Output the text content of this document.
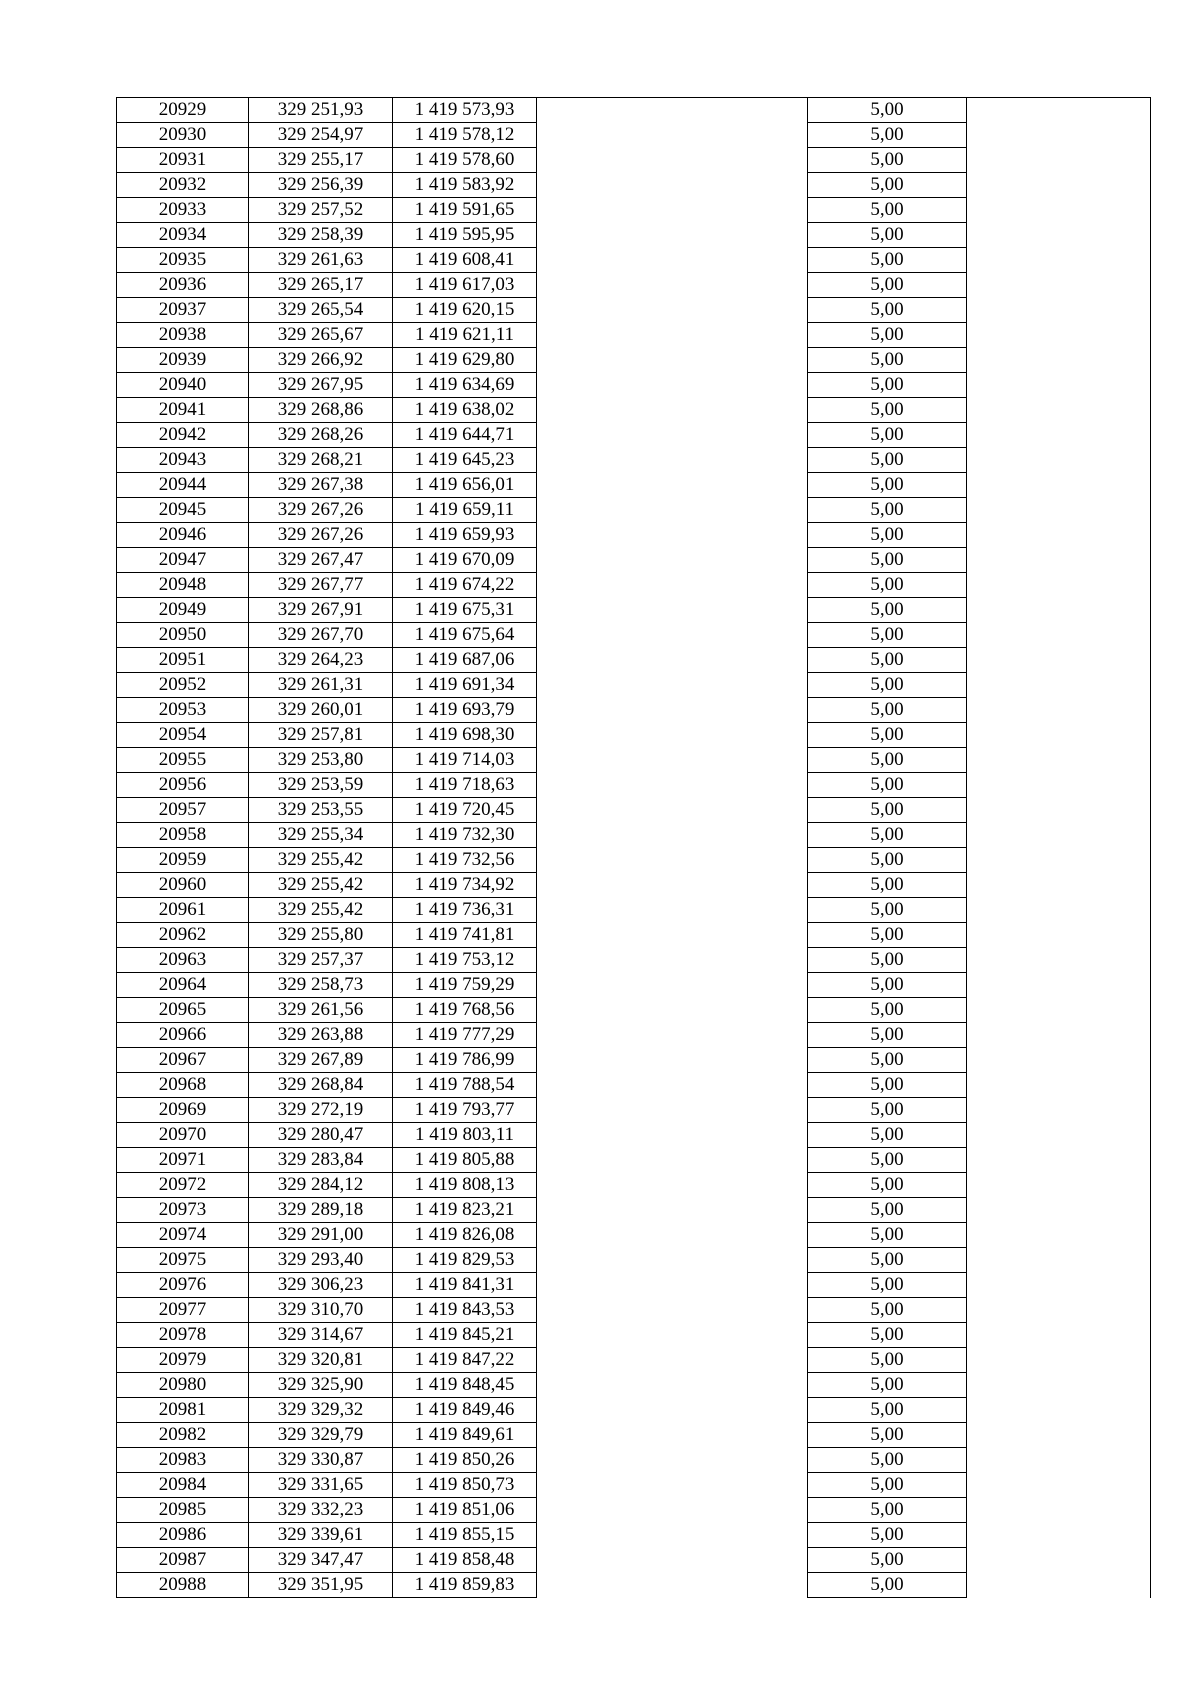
20929	329 251,93	1 419 573,93		5,00	
20930	329 254,97	1 419 578,12		5,00	
20931	329 255,17	1 419 578,60		5,00	
20932	329 256,39	1 419 583,92		5,00	
20933	329 257,52	1 419 591,65		5,00	
20934	329 258,39	1 419 595,95		5,00	
20935	329 261,63	1 419 608,41		5,00	
20936	329 265,17	1 419 617,03		5,00	
20937	329 265,54	1 419 620,15		5,00	
20938	329 265,67	1 419 621,11		5,00	
20939	329 266,92	1 419 629,80		5,00	
20940	329 267,95	1 419 634,69		5,00	
20941	329 268,86	1 419 638,02		5,00	
20942	329 268,26	1 419 644,71		5,00	
20943	329 268,21	1 419 645,23		5,00	
20944	329 267,38	1 419 656,01		5,00	
20945	329 267,26	1 419 659,11		5,00	
20946	329 267,26	1 419 659,93		5,00	
20947	329 267,47	1 419 670,09		5,00	
20948	329 267,77	1 419 674,22		5,00	
20949	329 267,91	1 419 675,31		5,00	
20950	329 267,70	1 419 675,64		5,00	
20951	329 264,23	1 419 687,06		5,00	
20952	329 261,31	1 419 691,34		5,00	
20953	329 260,01	1 419 693,79		5,00	
20954	329 257,81	1 419 698,30		5,00	
20955	329 253,80	1 419 714,03		5,00	
20956	329 253,59	1 419 718,63		5,00	
20957	329 253,55	1 419 720,45		5,00	
20958	329 255,34	1 419 732,30		5,00	
20959	329 255,42	1 419 732,56		5,00	
20960	329 255,42	1 419 734,92		5,00	
20961	329 255,42	1 419 736,31		5,00	
20962	329 255,80	1 419 741,81		5,00	
20963	329 257,37	1 419 753,12		5,00	
20964	329 258,73	1 419 759,29		5,00	
20965	329 261,56	1 419 768,56		5,00	
20966	329 263,88	1 419 777,29		5,00	
20967	329 267,89	1 419 786,99		5,00	
20968	329 268,84	1 419 788,54		5,00	
20969	329 272,19	1 419 793,77		5,00	
20970	329 280,47	1 419 803,11		5,00	
20971	329 283,84	1 419 805,88		5,00	
20972	329 284,12	1 419 808,13		5,00	
20973	329 289,18	1 419 823,21		5,00	
20974	329 291,00	1 419 826,08		5,00	
20975	329 293,40	1 419 829,53		5,00	
20976	329 306,23	1 419 841,31		5,00	
20977	329 310,70	1 419 843,53		5,00	
20978	329 314,67	1 419 845,21		5,00	
20979	329 320,81	1 419 847,22		5,00	
20980	329 325,90	1 419 848,45		5,00	
20981	329 329,32	1 419 849,46		5,00	
20982	329 329,79	1 419 849,61		5,00	
20983	329 330,87	1 419 850,26		5,00	
20984	329 331,65	1 419 850,73		5,00	
20985	329 332,23	1 419 851,06		5,00	
20986	329 339,61	1 419 855,15		5,00	
20987	329 347,47	1 419 858,48		5,00	
20988	329 351,95	1 419 859,83		5,00	
